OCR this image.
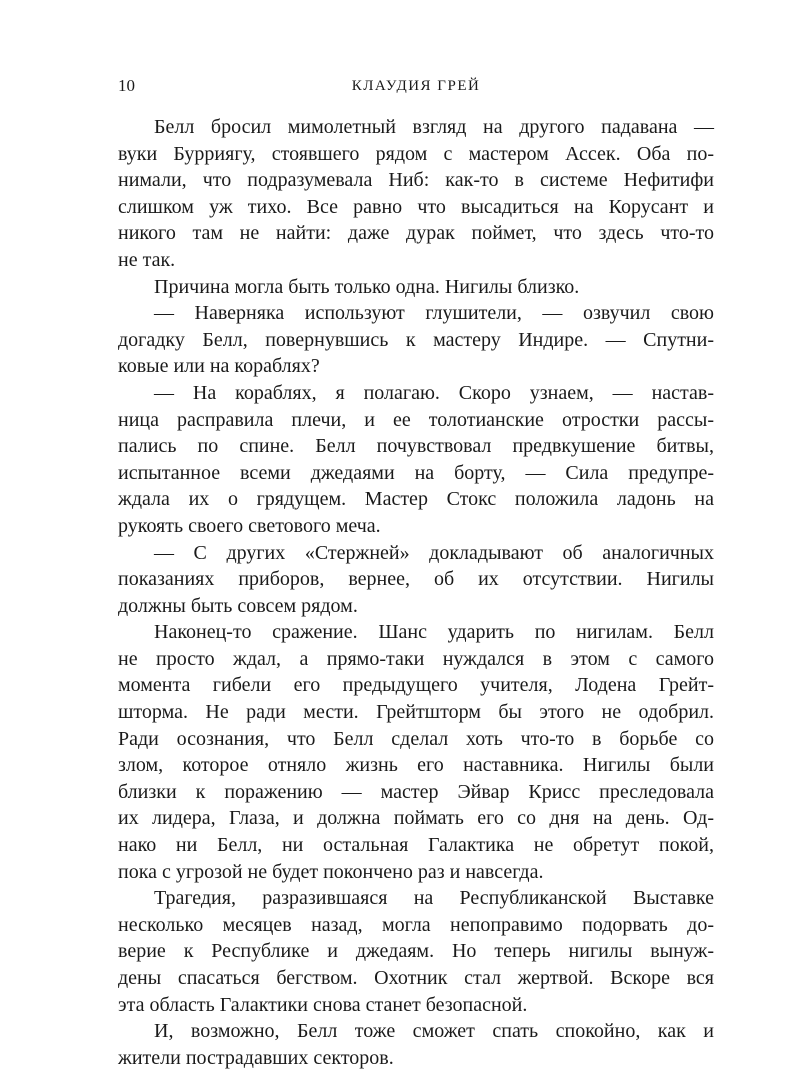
10	КЛАУДИЯ ГРЕЙ
Белл бросил мимолетный взгляд на другого падавана —
вуки Бурриягу, стоявшего рядом с мастером Ассек. Оба по-
нимали, что подразумевала Ниб: как-то в системе Нефитифи
слишком уж тихо. Все равно что высадиться на Корусант и
никого там не найти: даже дурак поймет, что здесь что-то
не так.
Причина могла быть только одна. Нигилы близко.
— Наверняка используют глушители, — озвучил свою
догадку Белл, повернувшись к мастеру Индире. — Спутни-
ковые или на кораблях?
— На кораблях, я полагаю. Скоро узнаем, — настав-
ница расправила плечи, и ее толотианские отростки рассы-
пались по спине. Белл почувствовал предвкушение битвы,
испытанное всеми джедаями на борту, — Сила предупре-
ждала их о грядущем. Мастер Стокс положила ладонь на
рукоять своего светового меча.
— С других «Стержней» докладывают об аналогичных
показаниях приборов, вернее, об их отсутствии. Нигилы
должны быть совсем рядом.
Наконец-то сражение. Шанс ударить по нигилам. Белл
не просто ждал, а прямо-таки нуждался в этом с самого
момента гибели его предыдущего учителя, Лодена Грейт-
шторма. Не ради мести. Грейтшторм бы этого не одобрил.
Ради осознания, что Белл сделал хоть что-то в борьбе со
злом, которое отняло жизнь его наставника. Нигилы были
близки к поражению — мастер Эйвар Крисс преследовала
их лидера, Глаза, и должна поймать его со дня на день. Од-
нако ни Белл, ни остальная Галактика не обретут покой,
пока с угрозой не будет покончено раз и навсегда.
Трагедия, разразившаяся на Республиканской Выставке
несколько месяцев назад, могла непоправимо подорвать до-
верие к Республике и джедаям. Но теперь нигилы вынуж-
дены спасаться бегством. Охотник стал жертвой. Вскоре вся
эта область Галактики снова станет безопасной.
И, возможно, Белл тоже сможет спать спокойно, как и
жители пострадавших секторов.
